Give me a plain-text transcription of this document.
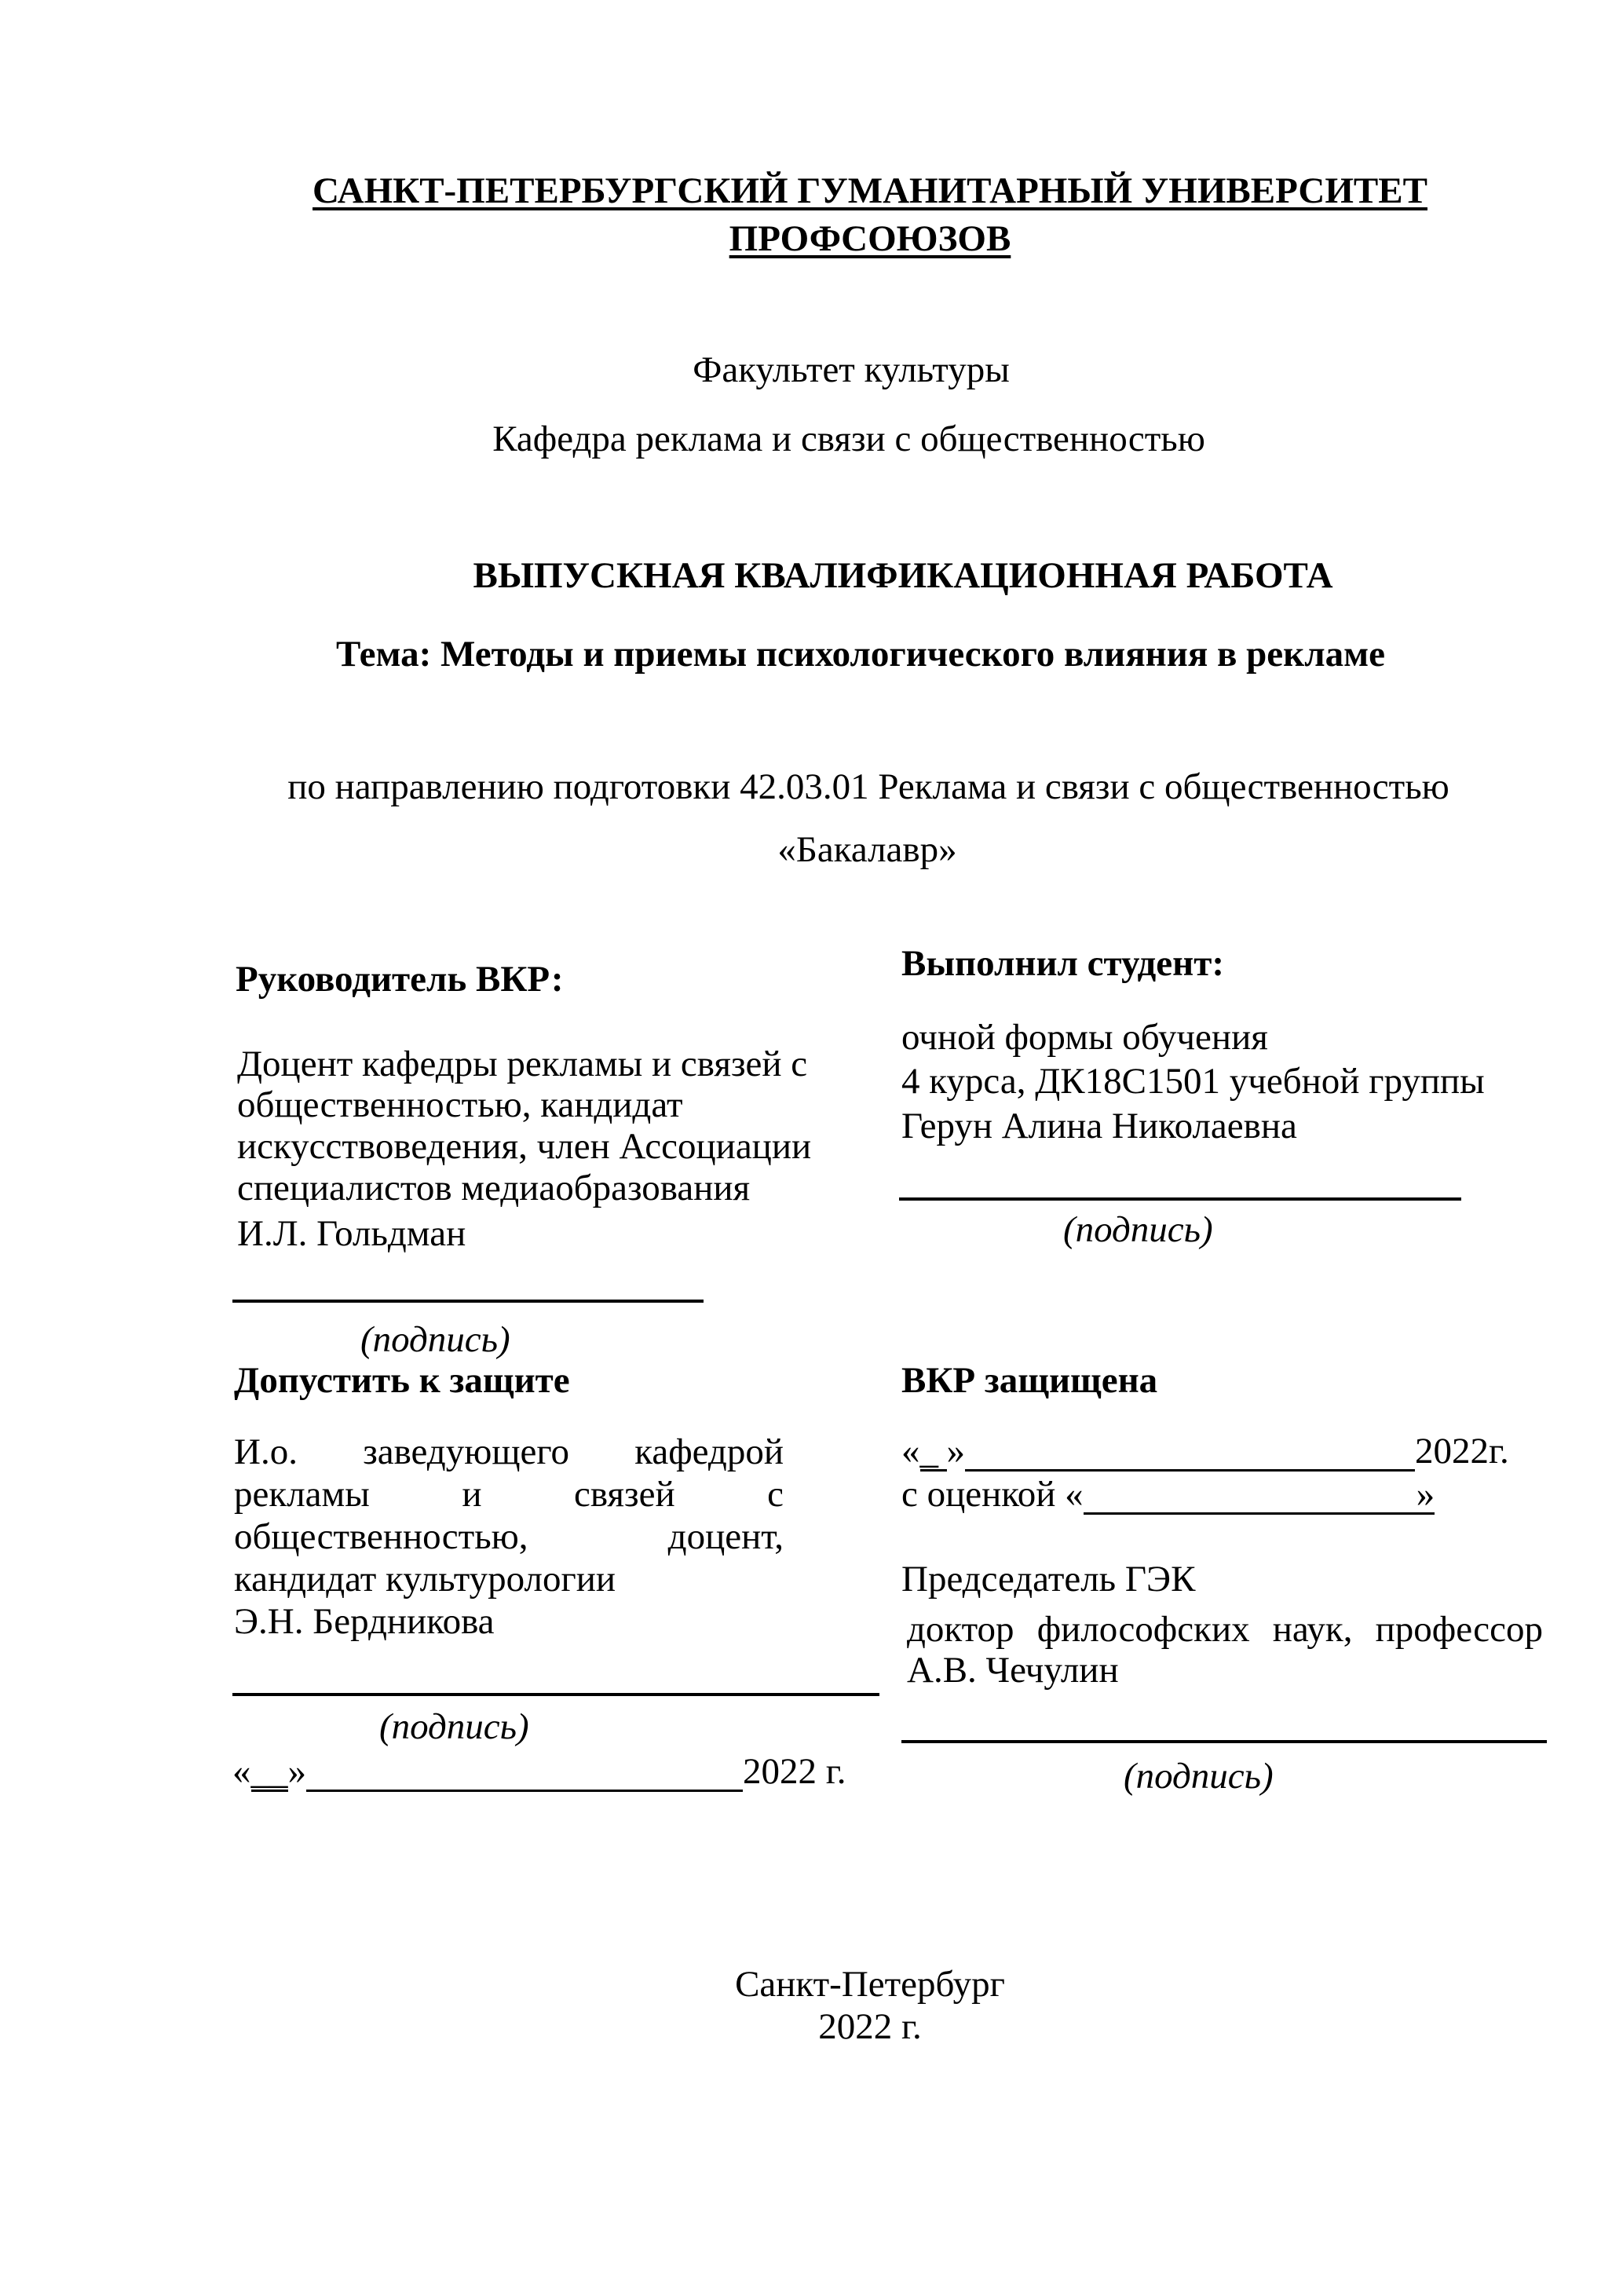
САНКТ-ПЕТЕРБУРГСКИЙ ГУМАНИТАРНЫЙ УНИВЕРСИТЕТ
ПРОФСОЮЗОВ
Факультет культуры
Кафедра реклама и связи с общественностью
ВЫПУСКНАЯ КВАЛИФИКАЦИОННАЯ РАБОТА
Тема: Методы и приемы психологического влияния в рекламе
по направлению подготовки 42.03.01 Реклама и связи с общественностью
«Бакалавр»
Руководитель ВКР:
Доцент кафедры рекламы и связей с
общественностью, кандидат
искусствоведения, член Ассоциации
специалистов медиаобразования
И.Л. Гольдман
(подпись)
Выполнил студент:
очной формы обучения
4 курса, ДК18С1501 учебной группы
Герун Алина Николаевна
(подпись)
Допустить к защите
И.о. заведующего кафедрой
рекламы и связей с
общественностью, доцент,
кандидат культурологии
Э.Н. Бердникова
(подпись)
«__»	2022 г.
ВКР защищена
«_ »	2022г.
с оценкой «	»
Председатель ГЭК
доктор философских наук, профессор
А.В. Чечулин
(подпись)
Санкт-Петербург
2022 г.
